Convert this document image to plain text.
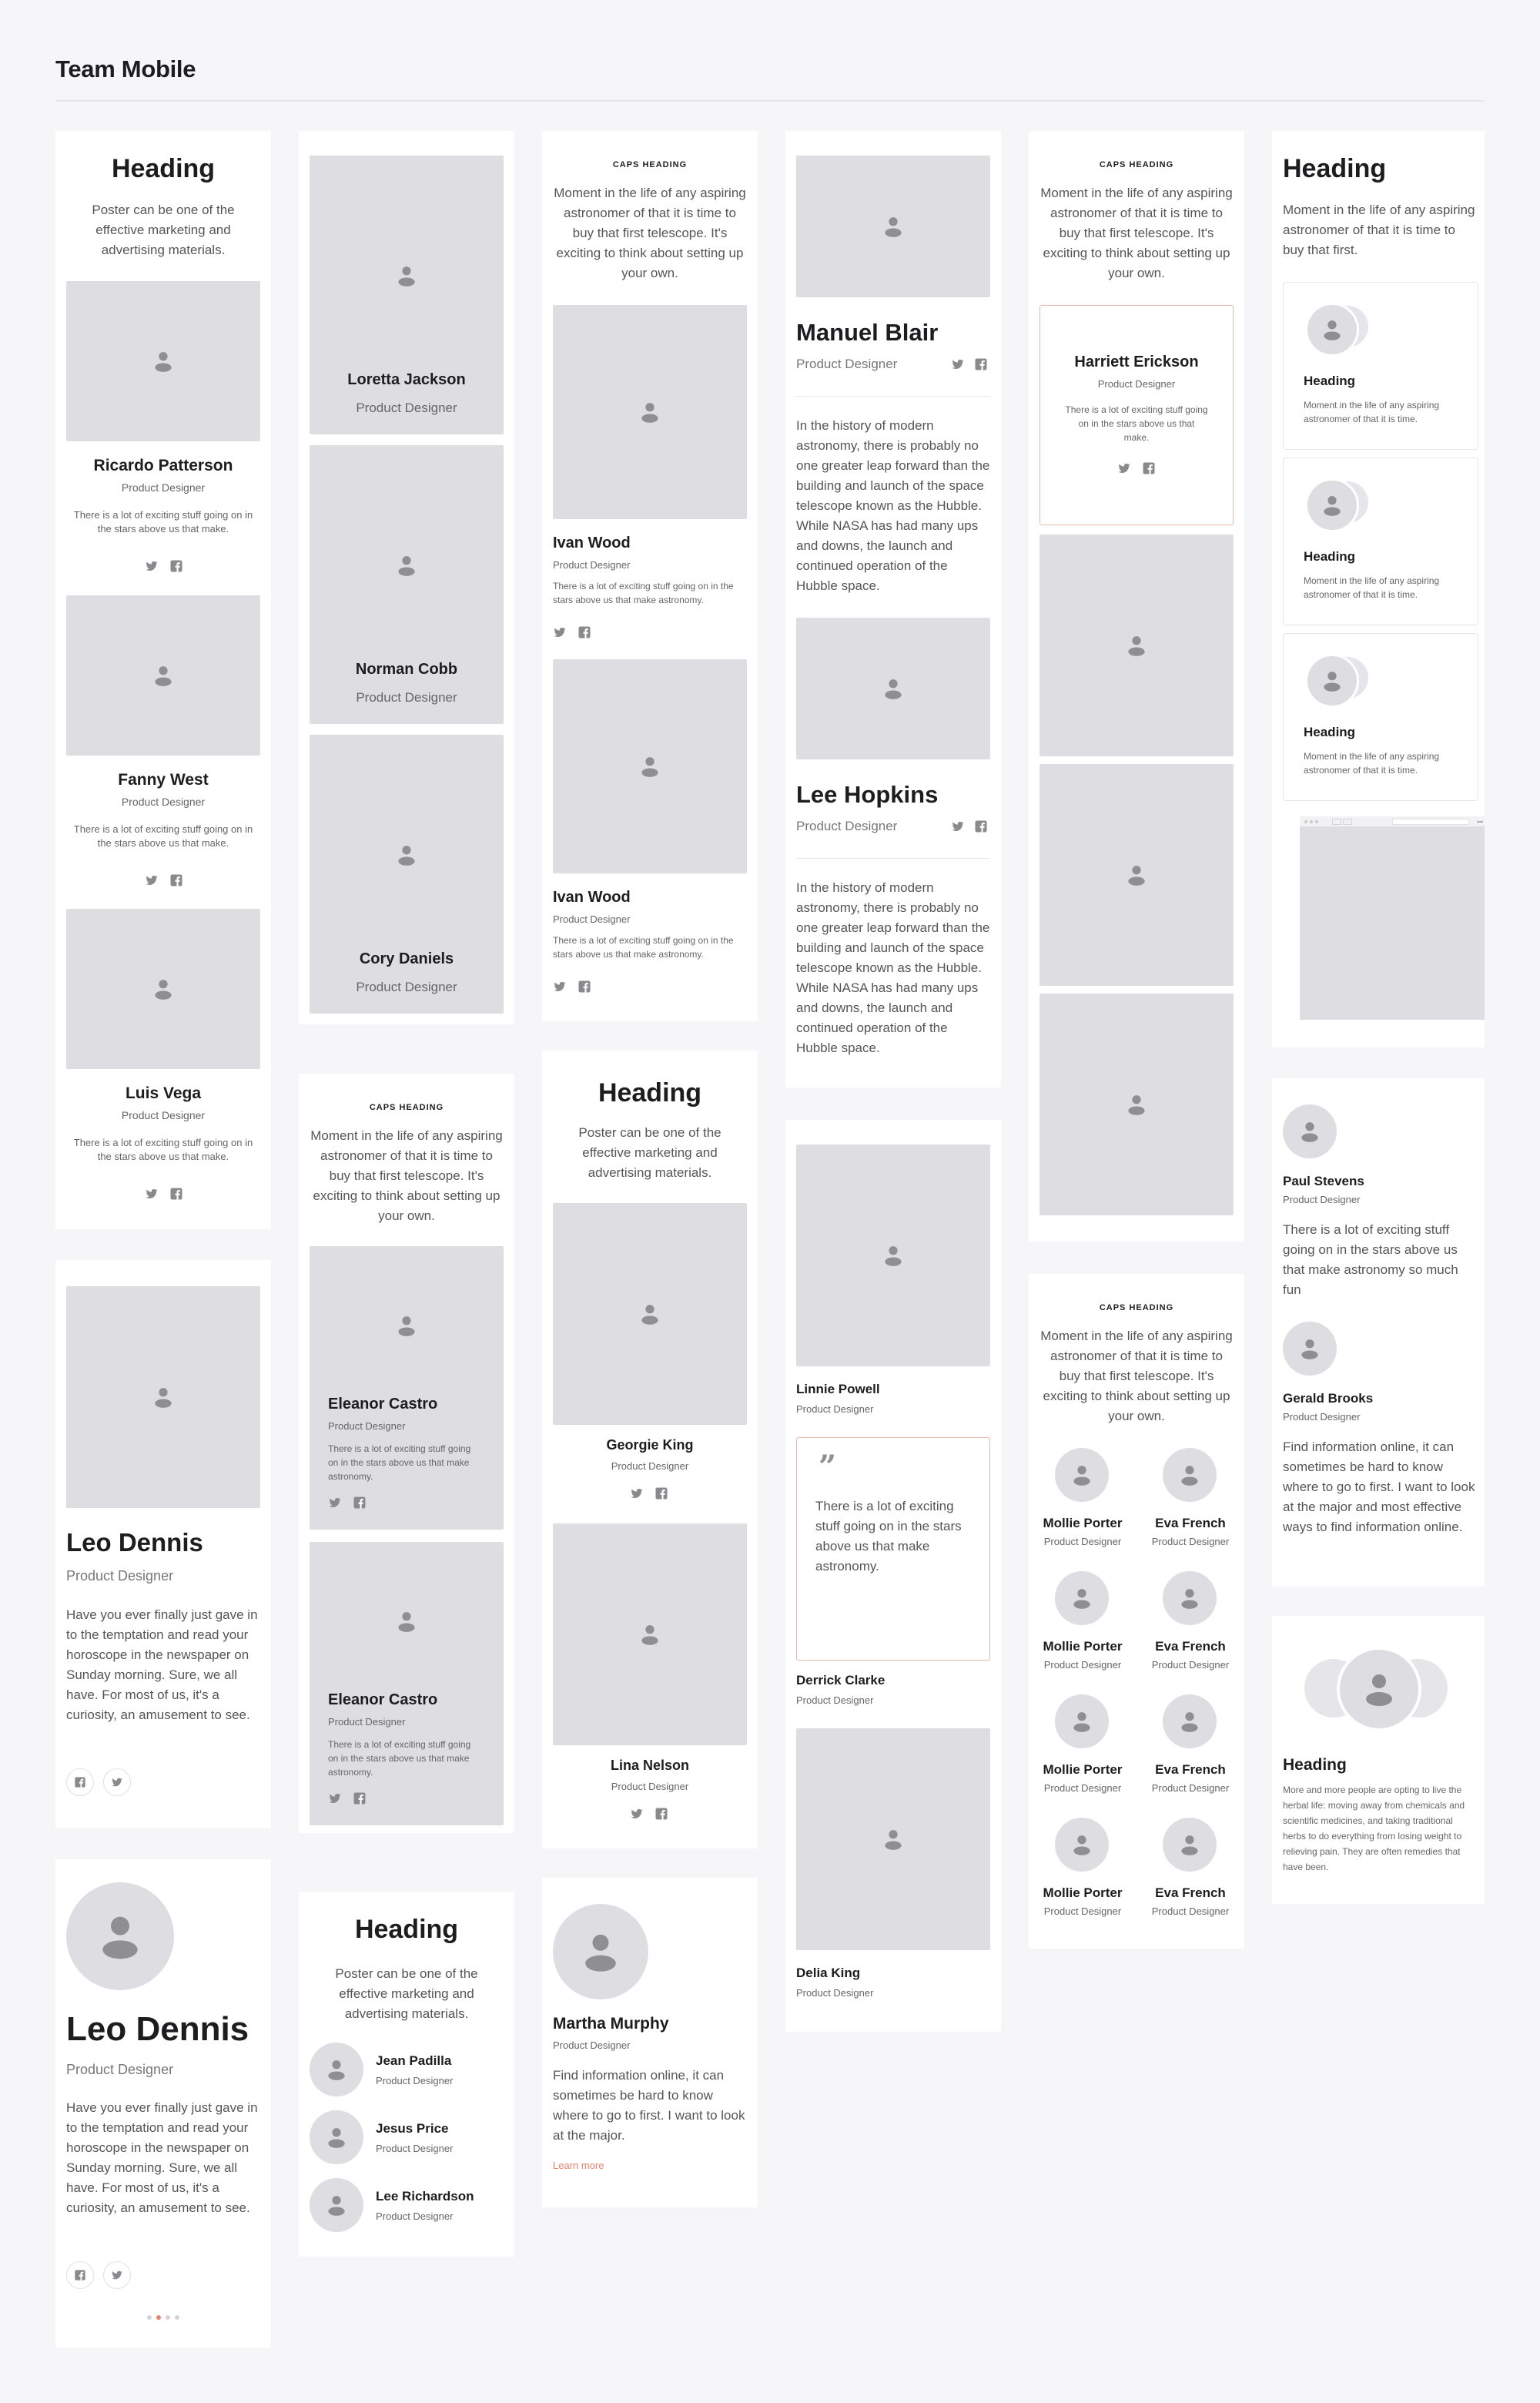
Team Mobile
Heading
Poster can be one of the effective marketing and advertising materials.
Ricardo Patterson
Product Designer
There is a lot of exciting stuff going on in the stars above us that make.
Fanny West
Product Designer
There is a lot of exciting stuff going on in the stars above us that make.
Luis Vega
Product Designer
There is a lot of exciting stuff going on in the stars above us that make.
Leo Dennis
Product Designer
Have you ever finally just gave in to the temptation and read your horoscope in the newspaper on Sunday morning. Sure, we all have. For most of us, it's a curiosity, an amusement to see.
Leo Dennis
Product Designer
Have you ever finally just gave in to the temptation and read your horoscope in the newspaper on Sunday morning. Sure, we all have. For most of us, it's a curiosity, an amusement to see.
Loretta Jackson
Product Designer
Norman Cobb
Product Designer
Cory Daniels
Product Designer
CAPS HEADING
Moment in the life of any aspiring astronomer of that it is time to buy that first telescope. It's exciting to think about setting up your own.
Eleanor Castro
Product Designer
There is a lot of exciting stuff going on in the stars above us that make astronomy.
Eleanor Castro
Product Designer
There is a lot of exciting stuff going on in the stars above us that make astronomy.
Heading
Poster can be one of the effective marketing and advertising materials.
Jean Padilla
Product Designer
Jesus Price
Product Designer
Lee Richardson
Product Designer
CAPS HEADING
Moment in the life of any aspiring astronomer of that it is time to buy that first telescope. It's exciting to think about setting up your own.
Ivan Wood
Product Designer
There is a lot of exciting stuff going on in the stars above us that make astronomy.
Ivan Wood
Product Designer
There is a lot of exciting stuff going on in the stars above us that make astronomy.
Heading
Poster can be one of the effective marketing and advertising materials.
Georgie King
Product Designer
Lina Nelson
Product Designer
Martha Murphy
Product Designer
Find information online, it can sometimes be hard to know where to go to first. I want to look at the major.
Learn more
Manuel Blair
Product Designer
In the history of modern astronomy, there is probably no one greater leap forward than the building and launch of the space telescope known as the Hubble. While NASA has had many ups and downs, the launch and continued operation of the Hubble space.
Lee Hopkins
Product Designer
In the history of modern astronomy, there is probably no one greater leap forward than the building and launch of the space telescope known as the Hubble. While NASA has had many ups and downs, the launch and continued operation of the Hubble space.
Linnie Powell
Product Designer
”
There is a lot of exciting stuff going on in the stars above us that make astronomy.
Derrick Clarke
Product Designer
Delia King
Product Designer
CAPS HEADING
Moment in the life of any aspiring astronomer of that it is time to buy that first telescope. It's exciting to think about setting up your own.
Harriett Erickson
Product Designer
There is a lot of exciting stuff going on in the stars above us that make.
CAPS HEADING
Moment in the life of any aspiring astronomer of that it is time to buy that first telescope. It's exciting to think about setting up your own.
Mollie Porter
Product Designer
Eva French
Product Designer
Mollie Porter
Product Designer
Eva French
Product Designer
Mollie Porter
Product Designer
Eva French
Product Designer
Mollie Porter
Product Designer
Eva French
Product Designer
Heading
Moment in the life of any aspiring astronomer of that it is time to buy that first.
Heading
Moment in the life of any aspiring astronomer of that it is time.
Heading
Moment in the life of any aspiring astronomer of that it is time.
Heading
Moment in the life of any aspiring astronomer of that it is time.
Paul Stevens
Product Designer
There is a lot of exciting stuff going on in the stars above us that make astronomy so much fun
Gerald Brooks
Product Designer
Find information online, it can sometimes be hard to know where to go to first. I want to look at the major and most effective ways to find information online.
Heading
More and more people are opting to live the herbal life: moving away from chemicals and scientific medicines, and taking traditional herbs to do everything from losing weight to relieving pain. They are often remedies that have been.
